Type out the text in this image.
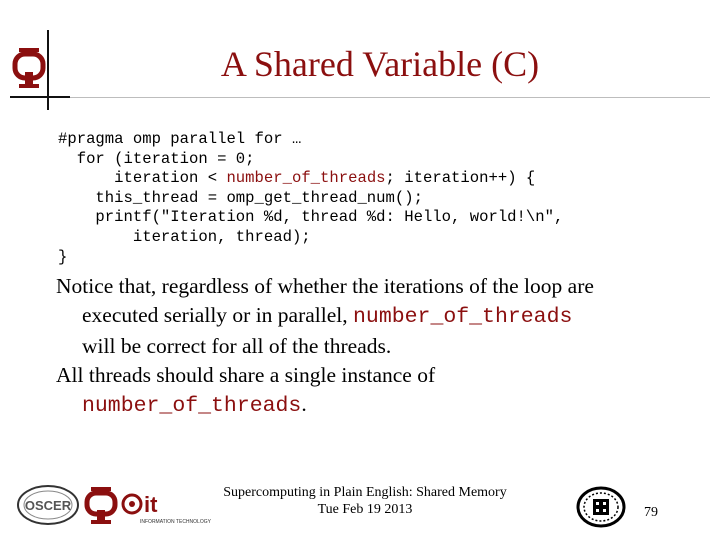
A Shared Variable (C)
#pragma omp parallel for …
for (iteration = 0;
iteration < number_of_threads; iteration++) {
this_thread = omp_get_thread_num();
printf("Iteration %d, thread %d: Hello, world!\n",
iteration, thread);
}
Notice that, regardless of whether the iterations of the loop are
executed serially or in parallel, number_of_threads
will be correct for all of the threads.
All threads should share a single instance of
number_of_threads.
OSCER	it
INFORMATION TECHNOLOGY
Supercomputing in Plain English: Shared Memory
Tue Feb 19 2013	79
